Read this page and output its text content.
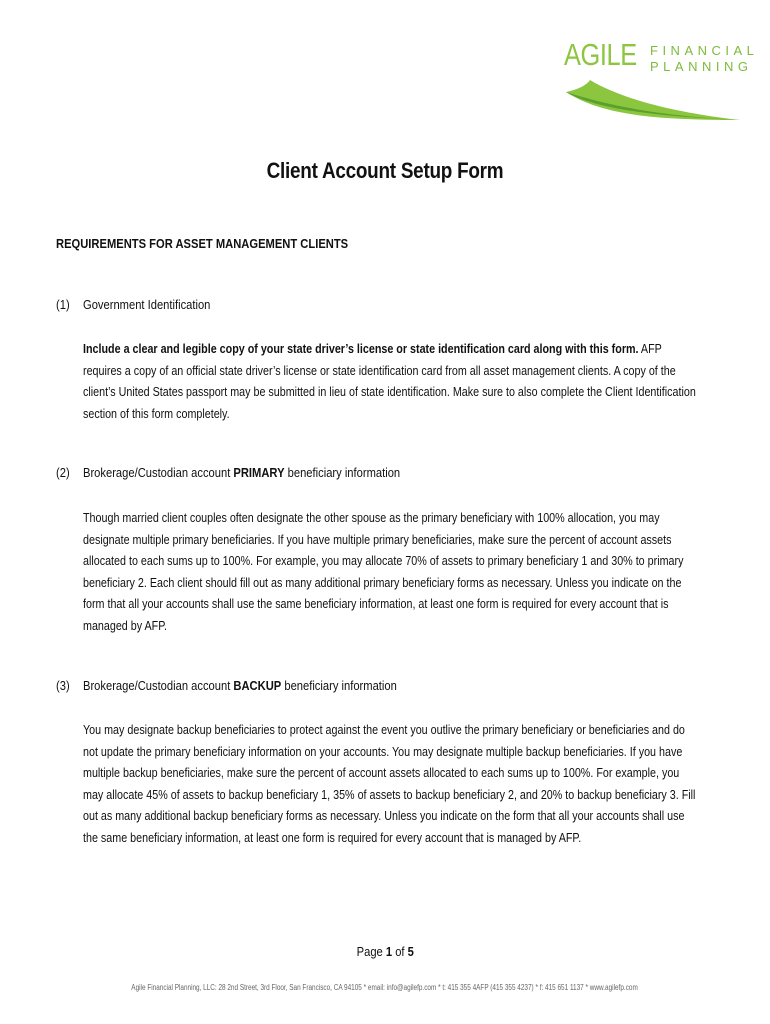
AGILE FINANCIAL
PLANNING
Client Account Setup Form
REQUIREMENTS FOR ASSET MANAGEMENT CLIENTS
(1) Government Identification
Include a clear and legible copy of your state driver’s license or state identification card along with this form. AFP
requires a copy of an official state driver’s license or state identification card from all asset management clients. A copy of the
client’s United States passport may be submitted in lieu of state identification. Make sure to also complete the Client Identification
section of this form completely.
(2) Brokerage/Custodian account PRIMARY beneficiary information
Though married client couples often designate the other spouse as the primary beneficiary with 100% allocation, you may
designate multiple primary beneficiaries. If you have multiple primary beneficiaries, make sure the percent of account assets
allocated to each sums up to 100%. For example, you may allocate 70% of assets to primary beneficiary 1 and 30% to primary
beneficiary 2. Each client should fill out as many additional primary beneficiary forms as necessary. Unless you indicate on the
form that all your accounts shall use the same beneficiary information, at least one form is required for every account that is
managed by AFP.
(3) Brokerage/Custodian account BACKUP beneficiary information
You may designate backup beneficiaries to protect against the event you outlive the primary beneficiary or beneficiaries and do
not update the primary beneficiary information on your accounts. You may designate multiple backup beneficiaries. If you have
multiple backup beneficiaries, make sure the percent of account assets allocated to each sums up to 100%. For example, you
may allocate 45% of assets to backup beneficiary 1, 35% of assets to backup beneficiary 2, and 20% to backup beneficiary 3. Fill
out as many additional backup beneficiary forms as necessary. Unless you indicate on the form that all your accounts shall use
the same beneficiary information, at least one form is required for every account that is managed by AFP.
Page 1 of 5
Agile Financial Planning, LLC: 28 2nd Street, 3rd Floor, San Francisco, CA 94105 * email: info@agilefp.com * t: 415 355 4AFP (415 355 4237) * f: 415 651 1137 * www.agilefp.com
